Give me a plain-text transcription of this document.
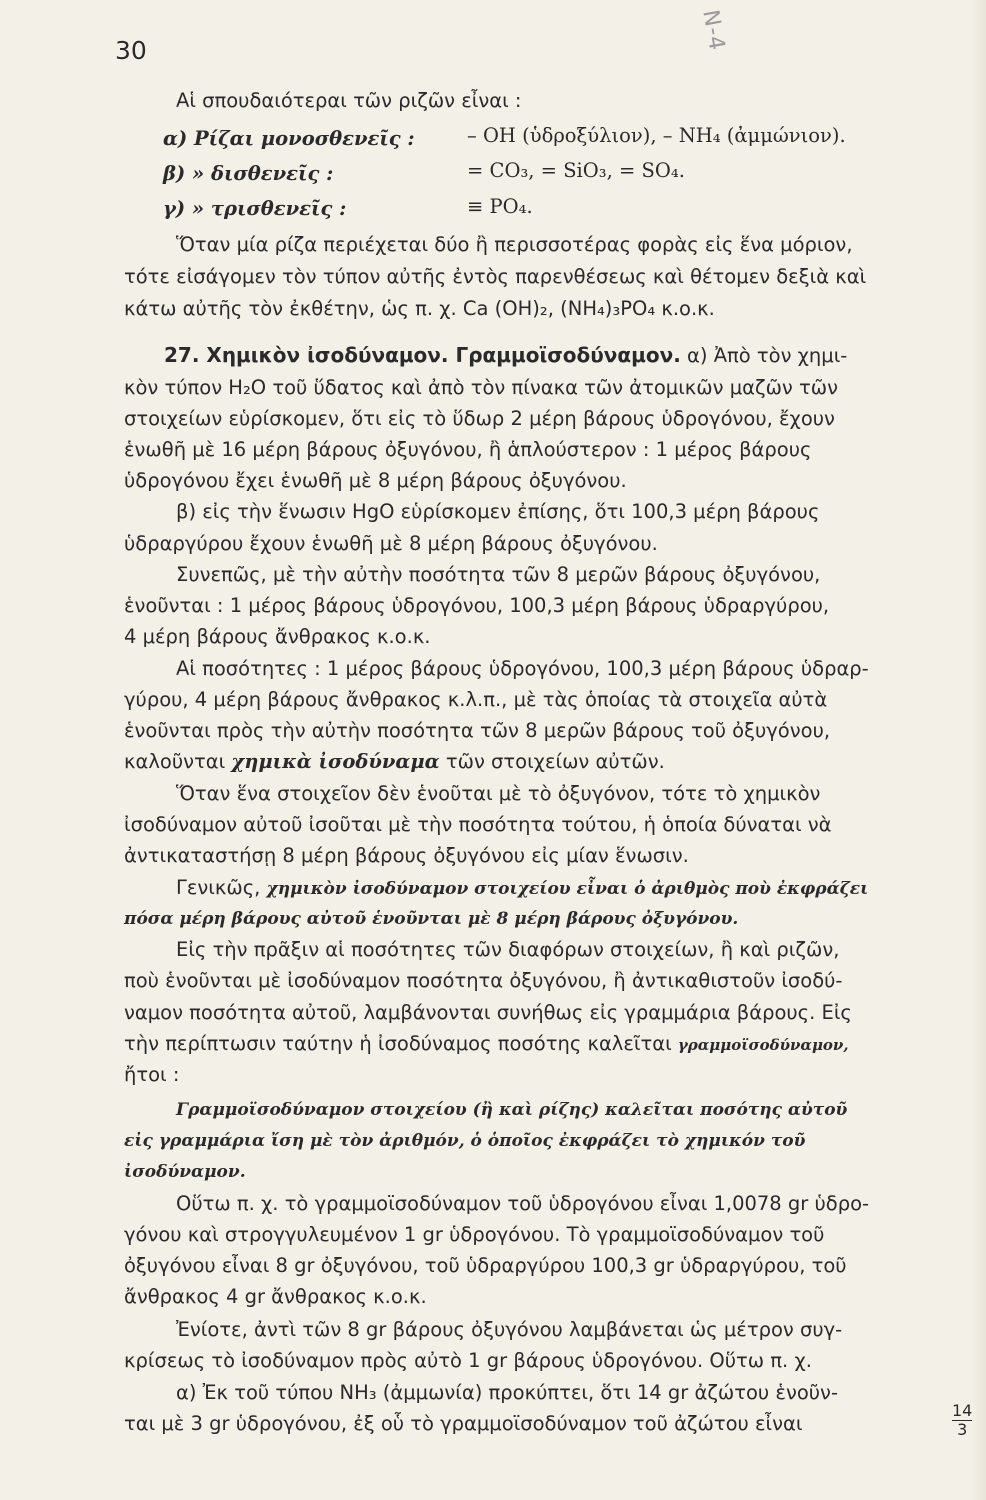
30	N-4
Αἱ σπουδαιότεραι τῶν ριζῶν εἶναι :
α) Ρίζαι μονοσθενεῖς :	– OH (ὑδροξύλιον), – NH₄ (ἀμμώνιον).
β) » δισθενεῖς :	= CO₃, = SiO₃, = SO₄.
γ) » τρισθενεῖς :	≡ PO₄.
Ὅταν μία ρίζα περιέχεται δύο ἢ περισσοτέρας φορὰς εἰς ἕνα μόριον,
τότε εἰσάγομεν τὸν τύπον αὐτῆς ἐντὸς παρενθέσεως καὶ θέτομεν δεξιὰ καὶ
κάτω αὐτῆς τὸν ἐκθέτην, ὡς π. χ. Ca (OH)₂, (NH₄)₃PO₄ κ.ο.κ.
27. Χημικὸν ἰσοδύναμον. Γραμμοϊσοδύναμον. α) Ἀπὸ τὸν χημι-
κὸν τύπον H₂O τοῦ ὕδατος καὶ ἀπὸ τὸν πίνακα τῶν ἀτομικῶν μαζῶν τῶν
στοιχείων εὑρίσκομεν, ὅτι εἰς τὸ ὕδωρ 2 μέρη βάρους ὑδρογόνου, ἔχουν
ἑνωθῆ μὲ 16 μέρη βάρους ὀξυγόνου, ἢ ἁπλούστερον : 1 μέρος βάρους
ὑδρογόνου ἔχει ἑνωθῆ μὲ 8 μέρη βάρους ὀξυγόνου.
β) εἰς τὴν ἕνωσιν HgO εὑρίσκομεν ἐπίσης, ὅτι 100,3 μέρη βάρους
ὑδραργύρου ἔχουν ἑνωθῆ μὲ 8 μέρη βάρους ὀξυγόνου.
Συνεπῶς, μὲ τὴν αὐτὴν ποσότητα τῶν 8 μερῶν βάρους ὀξυγόνου,
ἑνοῦνται : 1 μέρος βάρους ὑδρογόνου, 100,3 μέρη βάρους ὑδραργύρου,
4 μέρη βάρους ἄνθρακος κ.ο.κ.
Αἱ ποσότητες : 1 μέρος βάρους ὑδρογόνου, 100,3 μέρη βάρους ὑδραρ-
γύρου, 4 μέρη βάρους ἄνθρακος κ.λ.π., μὲ τὰς ὁποίας τὰ στοιχεῖα αὐτὰ
ἑνοῦνται πρὸς τὴν αὐτὴν ποσότητα τῶν 8 μερῶν βάρους τοῦ ὀξυγόνου,
καλοῦνται χημικὰ ἰσοδύναμα τῶν στοιχείων αὐτῶν.
Ὅταν ἕνα στοιχεῖον δὲν ἑνοῦται μὲ τὸ ὀξυγόνον, τότε τὸ χημικὸν
ἰσοδύναμον αὐτοῦ ἰσοῦται μὲ τὴν ποσότητα τούτου, ἡ ὁποία δύναται νὰ
ἀντικαταστήσῃ 8 μέρη βάρους ὀξυγόνου εἰς μίαν ἕνωσιν.
Γενικῶς, χημικὸν ἰσοδύναμον στοιχείου εἶναι ὁ ἀριθμὸς ποὺ ἐκφράζει
πόσα μέρη βάρους αὐτοῦ ἑνοῦνται μὲ 8 μέρη βάρους ὀξυγόνου.
Εἰς τὴν πρᾶξιν αἱ ποσότητες τῶν διαφόρων στοιχείων, ἢ καὶ ριζῶν,
ποὺ ἑνοῦνται μὲ ἰσοδύναμον ποσότητα ὀξυγόνου, ἢ ἀντικαθιστοῦν ἰσοδύ-
ναμον ποσότητα αὐτοῦ, λαμβάνονται συνήθως εἰς γραμμάρια βάρους. Εἰς
τὴν περίπτωσιν ταύτην ἡ ἰσοδύναμος ποσότης καλεῖται γραμμοϊσοδύναμον,
ἤτοι :
Γραμμοϊσοδύναμον στοιχείου (ἢ καὶ ρίζης) καλεῖται ποσότης αὐτοῦ
εἰς γραμμάρια ἴση μὲ τὸν ἀριθμόν, ὁ ὁποῖος ἐκφράζει τὸ χημικόν τοῦ
ἰσοδύναμον.
Οὕτω π. χ. τὸ γραμμοϊσοδύναμον τοῦ ὑδρογόνου εἶναι 1,0078 gr ὑδρο-
γόνου καὶ στρογγυλευμένον 1 gr ὑδρογόνου. Τὸ γραμμοϊσοδύναμον τοῦ
ὀξυγόνου εἶναι 8 gr ὀξυγόνου, τοῦ ὑδραργύρου 100,3 gr ὑδραργύρου, τοῦ
ἄνθρακος 4 gr ἄνθρακος κ.ο.κ.
Ἐνίοτε, ἀντὶ τῶν 8 gr βάρους ὀξυγόνου λαμβάνεται ὡς μέτρον συγ-
κρίσεως τὸ ἰσοδύναμον πρὸς αὐτὸ 1 gr βάρους ὑδρογόνου. Οὕτω π. χ.
α) Ἐκ τοῦ τύπου NH₃ (ἀμμωνία) προκύπτει, ὅτι 14 gr ἀζώτου ἑνοῦν-
ται μὲ 3 gr ὑδρογόνου, ἐξ οὗ τὸ γραμμοϊσοδύναμον τοῦ ἀζώτου εἶναι	$\frac{14}{3}$
